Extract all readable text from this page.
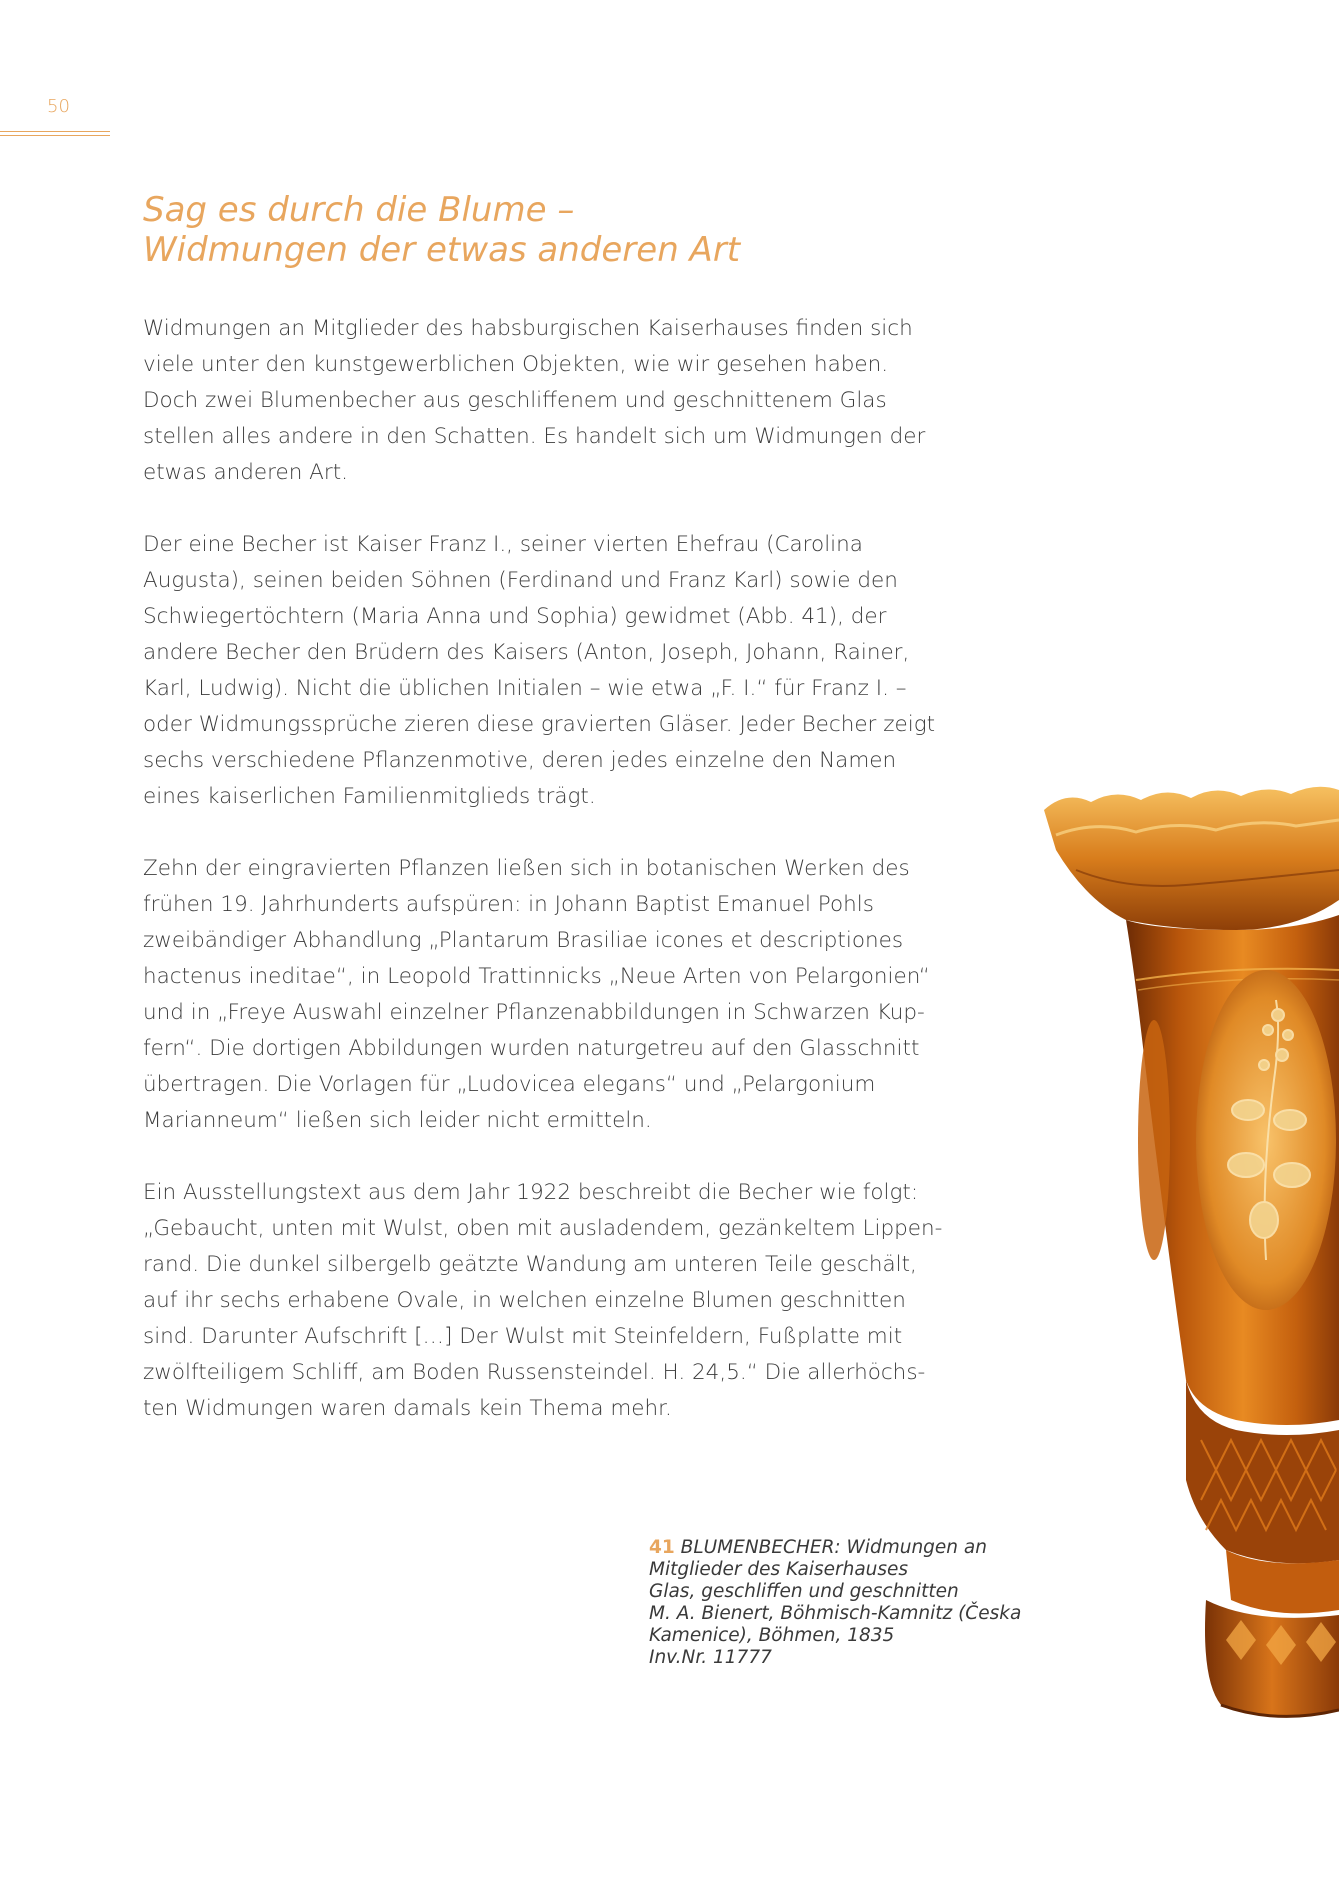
50
Sag es durch die Blume –
Widmungen der etwas anderen Art

Widmungen an Mitglieder des habsburgischen Kaiserhauses finden sich
viele unter den kunstgewerblichen Objekten, wie wir gesehen haben.
Doch zwei Blumenbecher aus geschliffenem und geschnittenem Glas
stellen alles andere in den Schatten. Es handelt sich um Widmungen der
etwas anderen Art.

Der eine Becher ist Kaiser Franz I., seiner vierten Ehefrau (Carolina
Augusta), seinen beiden Söhnen (Ferdinand und Franz Karl) sowie den
Schwiegertöchtern (Maria Anna und Sophia) gewidmet (Abb. 41), der
andere Becher den Brüdern des Kaisers (Anton, Joseph, Johann, Rainer,
Karl, Ludwig). Nicht die üblichen Initialen – wie etwa „F. I.“ für Franz I. –
oder Widmungssprüche zieren diese gravierten Gläser. Jeder Becher zeigt
sechs verschiedene Pflanzenmotive, deren jedes einzelne den Namen
eines kaiserlichen Familienmitglieds trägt.

Zehn der eingravierten Pflanzen ließen sich in botanischen Werken des
frühen 19. Jahrhunderts aufspüren: in Johann Baptist Emanuel Pohls
zweibändiger Abhandlung „Plantarum Brasiliae icones et descriptiones
hactenus ineditae“, in Leopold Trattinnicks „Neue Arten von Pelargonien“
und in „Freye Auswahl einzelner Pflanzenabbildungen in Schwarzen Kup-
fern“. Die dortigen Abbildungen wurden naturgetreu auf den Glasschnitt
übertragen. Die Vorlagen für „Ludovicea elegans“ und „Pelargonium
Marianneum“ ließen sich leider nicht ermitteln.

Ein Ausstellungstext aus dem Jahr 1922 beschreibt die Becher wie folgt:
„Gebaucht, unten mit Wulst, oben mit ausladendem, gezänkeltem Lippen-
rand. Die dunkel silbergelb geätzte Wandung am unteren Teile geschält,
auf ihr sechs erhabene Ovale, in welchen einzelne Blumen geschnitten
sind. Darunter Aufschrift […] Der Wulst mit Steinfeldern, Fußplatte mit
zwölfteiligem Schliff, am Boden Russensteindel. H. 24,5.“ Die allerhöchs-
ten Widmungen waren damals kein Thema mehr.

41 BLUMENBECHER: Widmungen an
Mitglieder des Kaiserhauses
Glas, geschliffen und geschnitten
M. A. Bienert, Böhmisch-Kamnitz (Česka
Kamenice), Böhmen, 1835
Inv.Nr. 11777
